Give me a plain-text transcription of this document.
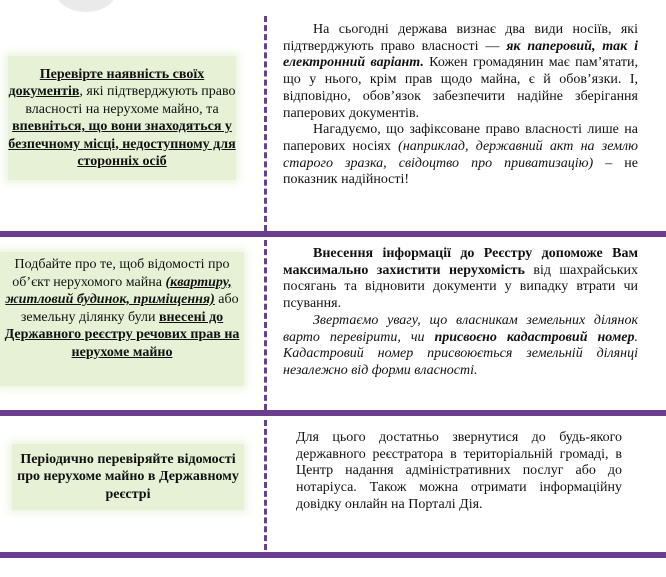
Перевірте наявність своїх документів, які підтверджують право власності на нерухоме майно, та впевніться, що вони знаходяться у безпечному місці, недоступному для сторонніх осіб

На сьогодні держава визнає два види носіїв, які підтверджують право власності — як паперовий, так і електронний варіант. Кожен громадянин має пам’ятати, що у нього, крім прав щодо майна, є й обов’язки. І, відповідно, обов’язок забезпечити надійне зберігання паперових документів.

Нагадуємо, що зафіксоване право власності лише на паперових носіях (наприклад, державний акт на землю старого зразка, свідоцтво про приватизацію) – не показник надійності!

Подбайте про те, щоб відомості про об’єкт нерухомого майна (квартиру, житловий будинок, приміщення) або земельну ділянку були внесені до Державного реєстру речових прав на нерухоме майно

Внесення інформації до Реєстру допоможе Вам максимально захистити нерухомість від шахрайських посягань та відновити документи у випадку втрати чи псування.

Звертаємо увагу, що власникам земельних ділянок варто перевірити, чи присвоєно кадастровий номер. Кадастровий номер присвоюється земельній ділянці незалежно від форми власності.

Періодично перевіряйте відомості про нерухоме майно в Державному реєстрі

Для цього достатньо звернутися до будь-якого державного реєстратора в територіальній громаді, в Центр надання адміністративних послуг або до нотаріуса. Також можна отримати інформаційну довідку онлайн на Порталі Дія.
